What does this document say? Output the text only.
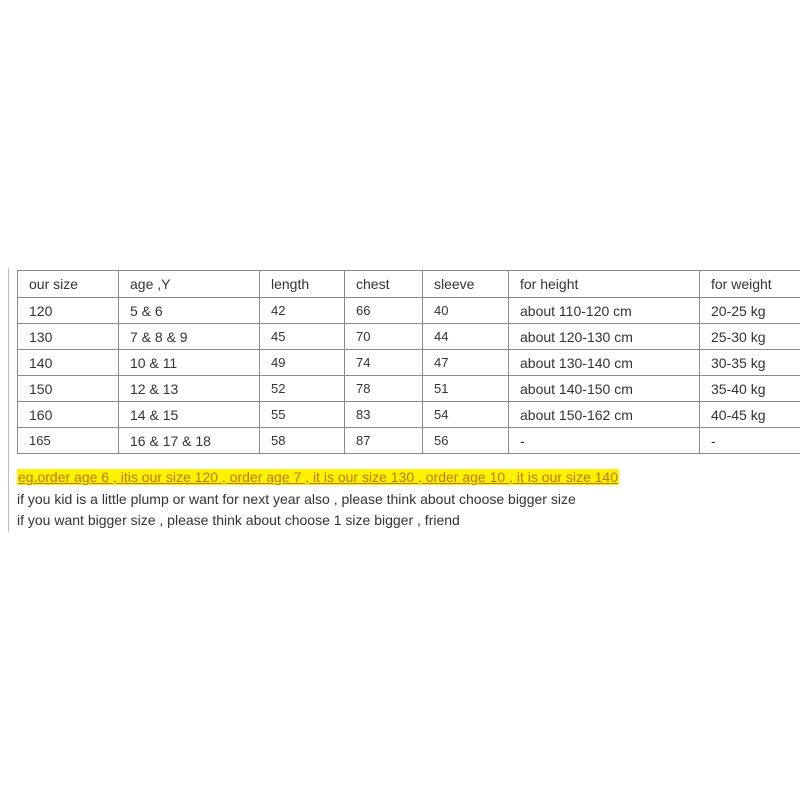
our size	age ,Y	length	chest	sleeve	for height	for weight
120	5 & 6	42	66	40	about 110-120 cm	20-25 kg
130	7 & 8 & 9	45	70	44	about 120-130 cm	25-30 kg
140	10 & 11	49	74	47	about 130-140 cm	30-35 kg
150	12 & 13	52	78	51	about 140-150 cm	35-40 kg
160	14 & 15	55	83	54	about 150-162 cm	40-45 kg
165	16 & 17 & 18	58	87	56	-	-
eg.order age 6 , itis our size 120 , order age 7 , it is our size 130 , order age 10 , it is our size 140
if you kid is a little plump or want for next year also , please think about choose bigger size
if you want bigger size , please think about choose 1 size bigger , friend
